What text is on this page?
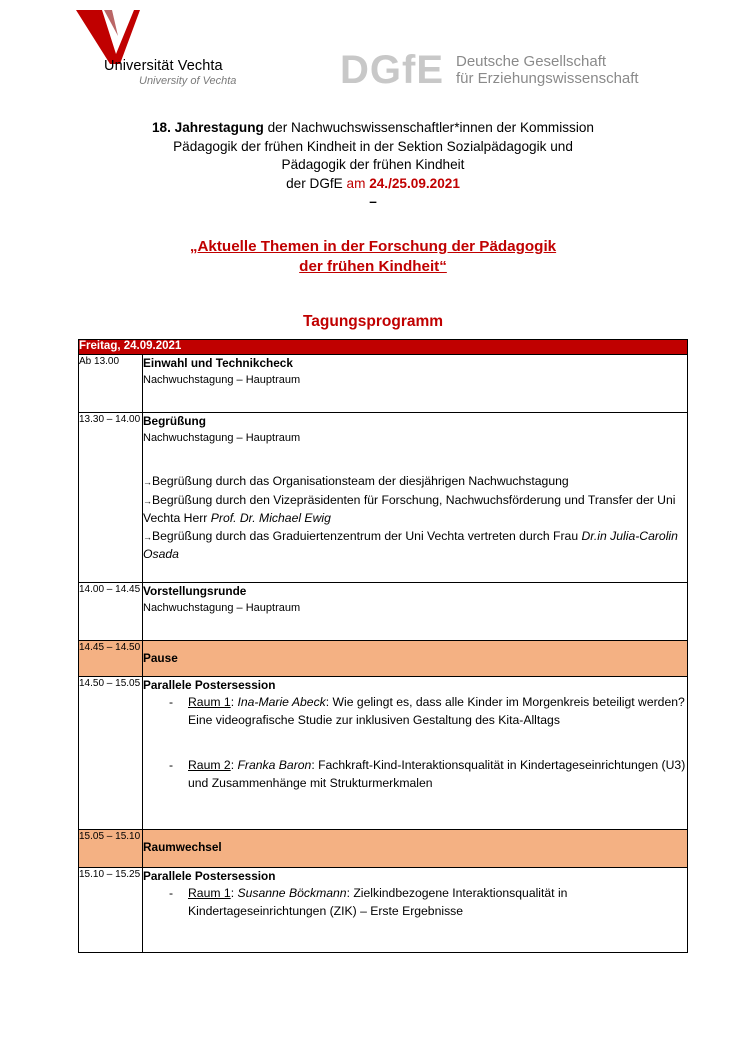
Universität Vechta
University of Vechta	DGfE Deutsche Gesellschaft
für Erziehungswissenschaft
18. Jahrestagung der Nachwuchswissenschaftler*innen der Kommission
Pädagogik der frühen Kindheit in der Sektion Sozialpädagogik und
Pädagogik der frühen Kindheit
der DGfE am 24./25.09.2021
–
„Aktuelle Themen in der Forschung der Pädagogik
der frühen Kindheit“
Tagungsprogramm
Freitag, 24.09.2021	
Ab 13.00	Einwahl und Technikcheck
Nachwuchstagung – Hauptraum

13.30 – 14.00	Begrüßung
Nachwuchstagung – Hauptraum
→Begrüßung durch das Organisationsteam der diesjährigen Nachwuchstagung
→Begrüßung durch den Vizepräsidenten für Forschung, Nachwuchsförderung und Transfer der Uni Vechta Herr Prof. Dr. Michael Ewig
→Begrüßung durch das Graduiertenzentrum der Uni Vechta vertreten durch Frau Dr.in Julia-Carolin Osada

14.00 – 14.45	Vorstellungsrunde
Nachwuchstagung – Hauptraum

14.45 – 14.50	Pause

14.50 – 15.05	Parallele Postersession
- Raum 1: Ina-Marie Abeck: Wie gelingt es, dass alle Kinder im Morgenkreis beteiligt werden? Eine videografische Studie zur inklusiven Gestaltung des Kita-Alltags
- Raum 2: Franka Baron: Fachkraft-Kind-Interaktionsqualität in Kindertageseinrichtungen (U3) und Zusammenhänge mit Strukturmerkmalen

15.05 – 15.10	Raumwechsel

15.10 – 15.25	Parallele Postersession
- Raum 1: Susanne Böckmann: Zielkindbezogene Interaktionsqualität in Kindertageseinrichtungen (ZIK) – Erste Ergebnisse
